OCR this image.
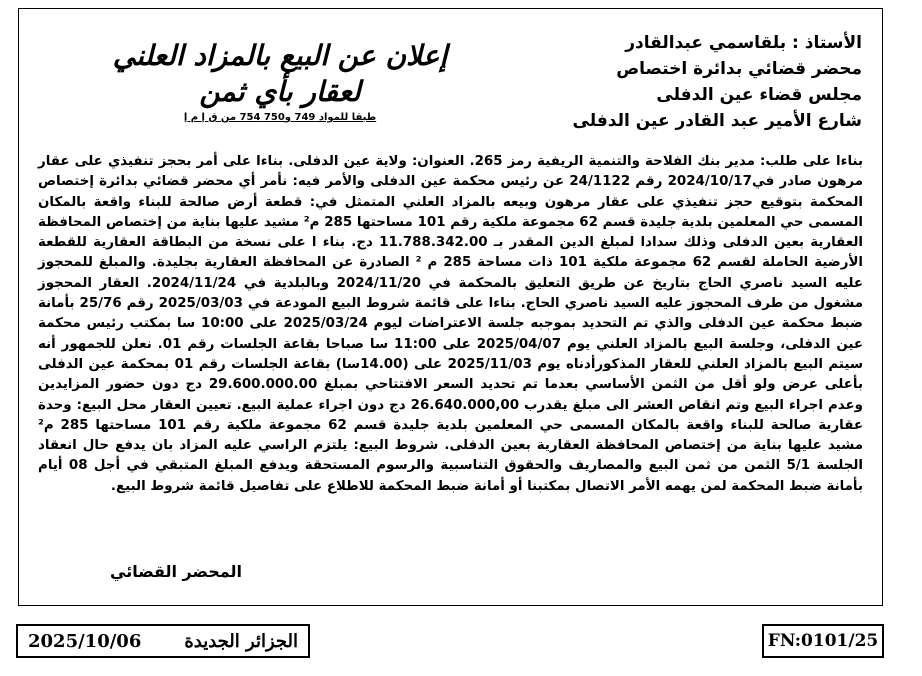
الأستاذ : بلقاسمي عبدالقادر
محضر قضائي بدائرة اختصاص
مجلس قضاء عين الدفلى
شارع الأمير عبد القادر عين الدفلى
إعلان عن البيع بالمزاد العلني
لعقار بأي ثمن
طبقا للمواد 749 و750 754 من ق إ م إ

بناءا على طلب: مدير بنك الفلاحة والتنمية الريفية رمز 265. العنوان: ولاية عين الدفلى. بناءا على أمر بحجز تنفيذي على عقار مرهون صادر في2024/10/17 رقم 24/1122 عن رئيس محكمة عين الدفلى والأمر فيه: نأمر أي محضر قضائي بدائرة إختصاص المحكمة بتوقيع حجز تنفيذي على عقار مرهون وبيعه بالمزاد العلني المتمثل في: قطعة أرض صالحة للبناء واقعة بالمكان المسمى حي المعلمين بلدية جليدة قسم 62 مجموعة ملكية رقم 101 مساحتها 285 م² مشيد عليها بناية من إختصاص المحافظة العقارية بعين الدفلى وذلك سدادا لمبلغ الدين المقدر بـ 11.788.342.00 دج. بناء ا على نسخة من البطاقة العقارية للقطعة الأرضية الحاملة لقسم 62 مجموعة ملكية 101 ذات مساحة 285 م ² الصادرة عن المحافظة العقارية بجليدة. والمبلغ للمحجوز عليه السيد ناصري الحاج بتاريخ عن طريق التعليق بالمحكمة في 2024/11/20 وبالبلدية في 2024/11/24. العقار المحجوز مشغول من طرف المحجوز عليه السيد ناصري الحاج. بناءا على قائمة شروط البيع المودعة في 2025/03/03 رقم 25/76 بأمانة ضبط محكمة عين الدفلى والذي تم التحديد بموجبه جلسة الاعتراضات ليوم 2025/03/24 على 10:00 سا بمكتب رئيس محكمة عين الدفلى، وجلسة البيع بالمزاد العلني يوم 2025/04/07 على 11:00 سا صباحا بقاعة الجلسات رقم 01. نعلن للجمهور أنه سيتم البيع بالمزاد العلني للعقار المذكورأدناه يوم 2025/11/03 على (14.00سا) بقاعة الجلسات رقم 01 بمحكمة عين الدفلى بأعلى عرض ولو أقل من الثمن الأساسي بعدما تم تحديد السعر الافتتاحي بمبلغ 29.600.000.00 دج دون حضور المزايدين وعدم اجراء البيع وتم انقاص العشر الى مبلغ يقدرب 26.640.000,00 دج دون اجراء عملية البيع. تعيين العقار محل البيع: وحدة عقارية صالحة للبناء واقعة بالمكان المسمى حي المعلمين بلدية جليدة قسم 62 مجموعة ملكية رقم 101 مساحتها 285 م² مشيد عليها بناية من إختصاص المحافظة العقارية بعين الدفلى. شروط البيع: يلتزم الراسي عليه المزاد بان يدفع حال انعقاد الجلسة 5/1 الثمن من ثمن البيع والمصاريف والحقوق التناسبية والرسوم المستحقة ويدفع المبلغ المتبقي في أجل 08 أيام بأمانة ضبط المحكمة لمن يهمه الأمر الاتصال بمكتبنا أو أمانة ضبط المحكمة للاطلاع على تفاصيل قائمة شروط البيع.

المحضر القضائي
الجزائر الجديدة
2025/10/06	FN:0101/25
